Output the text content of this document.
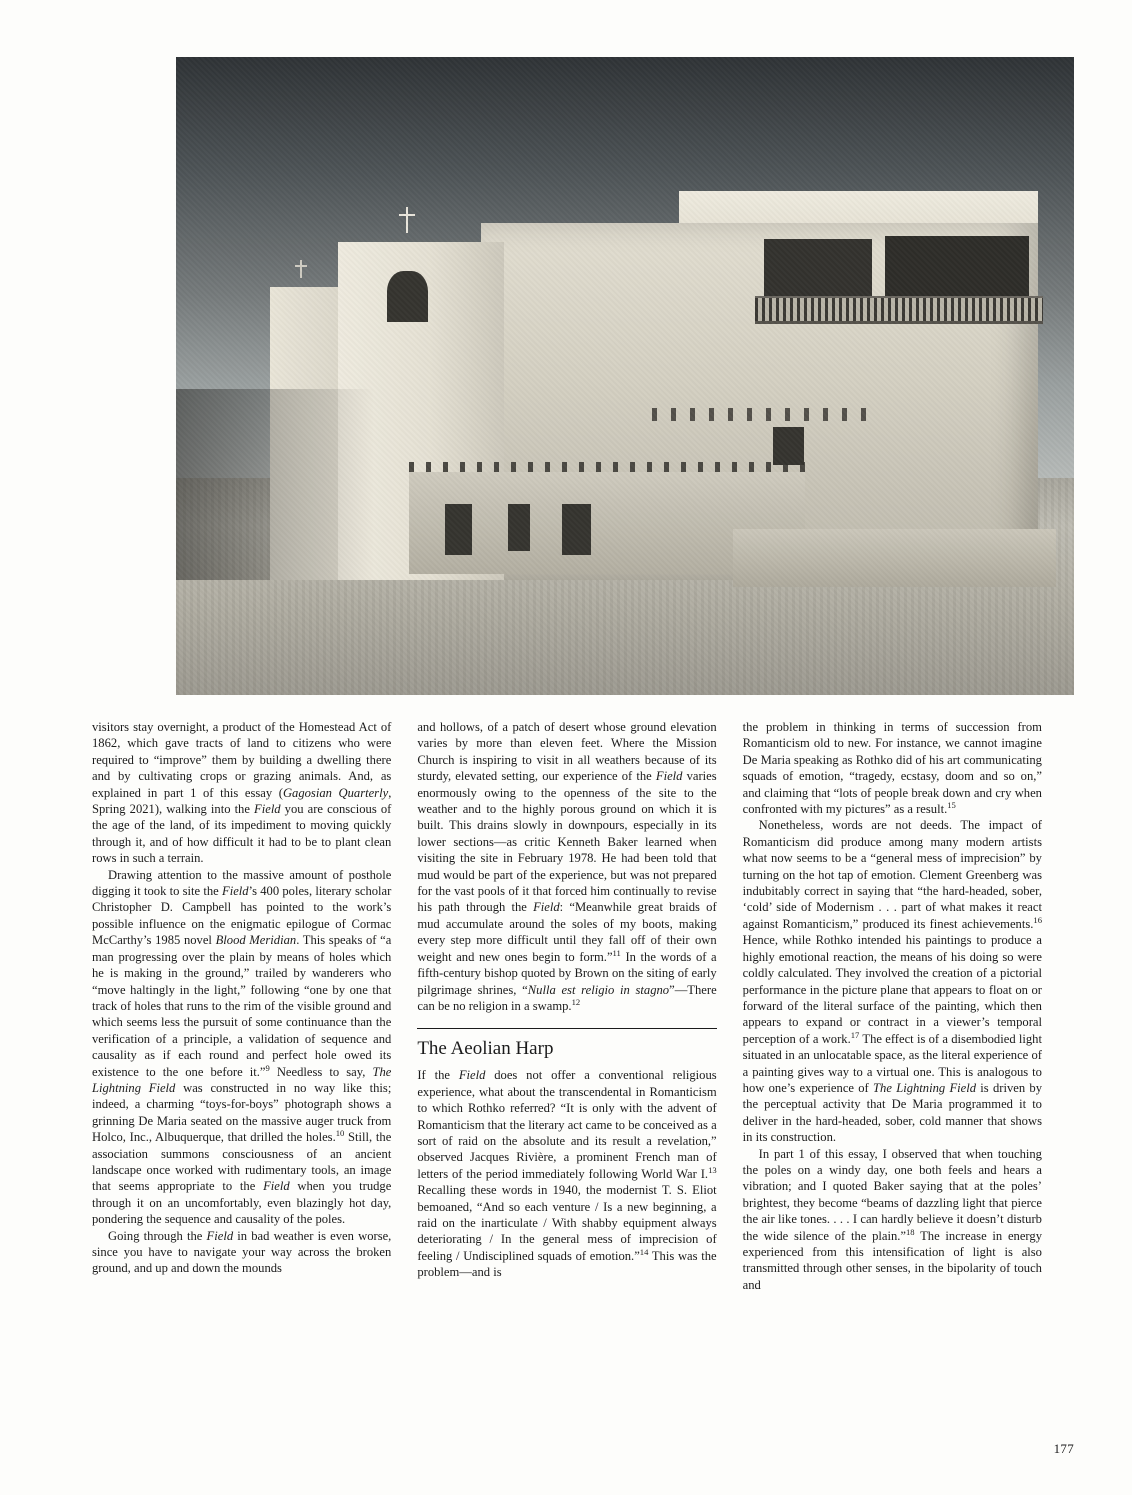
visitors stay overnight, a product of the Homestead Act of 1862, which gave tracts of land to citizens who were required to “improve” them by building a dwelling there and by cultivating crops or grazing animals. And, as explained in part 1 of this essay (Gagosian Quarterly, Spring 2021), walking into the Field you are conscious of the age of the land, of its impediment to moving quickly through it, and of how difficult it had to be to plant clean rows in such a terrain.

Drawing attention to the massive amount of posthole digging it took to site the Field’s 400 poles, literary scholar Christopher D. Campbell has pointed to the work’s possible influence on the enigmatic epilogue of Cormac McCarthy’s 1985 novel Blood Meridian. This speaks of “a man progressing over the plain by means of holes which he is making in the ground,” trailed by wanderers who “move haltingly in the light,” following “one by one that track of holes that runs to the rim of the visible ground and which seems less the pursuit of some continuance than the verification of a principle, a validation of sequence and causality as if each round and perfect hole owed its existence to the one before it.”$^9$ Needless to say, The Lightning Field was constructed in no way like this; indeed, a charming “toys-for-boys” photograph shows a grinning De Maria seated on the massive auger truck from Holco, Inc., Albuquerque, that drilled the holes.$^{10}$ Still, the association summons consciousness of an ancient landscape once worked with rudimentary tools, an image that seems appropriate to the Field when you trudge through it on an uncomfortably, even blazingly hot day, pondering the sequence and causality of the poles.

Going through the Field in bad weather is even worse, since you have to navigate your way across the broken ground, and up and down the mounds

and hollows, of a patch of desert whose ground elevation varies by more than eleven feet. Where the Mission Church is inspiring to visit in all weathers because of its sturdy, elevated setting, our experience of the Field varies enormously owing to the openness of the site to the weather and to the highly porous ground on which it is built. This drains slowly in downpours, especially in its lower sections—as critic Kenneth Baker learned when visiting the site in February 1978. He had been told that mud would be part of the experience, but was not prepared for the vast pools of it that forced him continually to revise his path through the Field: “Meanwhile great braids of mud accumulate around the soles of my boots, making every step more difficult until they fall off of their own weight and new ones begin to form.”$^{11}$ In the words of a fifth-century bishop quoted by Brown on the siting of early pilgrimage shrines, “Nulla est religio in stagno”—There can be no religion in a swamp.$^{12}$

The Aeolian Harp

If the Field does not offer a conventional religious experience, what about the transcendental in Romanticism to which Rothko referred? “It is only with the advent of Romanticism that the literary act came to be conceived as a sort of raid on the absolute and its result a revelation,” observed Jacques Rivière, a prominent French man of letters of the period immediately following World War I.$^{13}$ Recalling these words in 1940, the modernist T. S. Eliot bemoaned, “And so each venture / Is a new beginning, a raid on the inarticulate / With shabby equipment always deteriorating / In the general mess of imprecision of feeling / Undisciplined squads of emotion.”$^{14}$ This was the problem—and is

the problem in thinking in terms of succession from Romanticism old to new. For instance, we cannot imagine De Maria speaking as Rothko did of his art communicating squads of emotion, “tragedy, ecstasy, doom and so on,” and claiming that “lots of people break down and cry when confronted with my pictures” as a result.$^{15}$

Nonetheless, words are not deeds. The impact of Romanticism did produce among many modern artists what now seems to be a “general mess of imprecision” by turning on the hot tap of emotion. Clement Greenberg was indubitably correct in saying that “the hard-headed, sober, ‘cold’ side of Modernism . . . part of what makes it react against Romanticism,” produced its finest achievements.$^{16}$ Hence, while Rothko intended his paintings to produce a highly emotional reaction, the means of his doing so were coldly calculated. They involved the creation of a pictorial performance in the picture plane that appears to float on or forward of the literal surface of the painting, which then appears to expand or contract in a viewer’s temporal perception of a work.$^{17}$ The effect is of a disembodied light situated in an unlocatable space, as the literal experience of a painting gives way to a virtual one. This is analogous to how one’s experience of The Lightning Field is driven by the perceptual activity that De Maria programmed it to deliver in the hard-headed, sober, cold manner that shows in its construction.

In part 1 of this essay, I observed that when touching the poles on a windy day, one both feels and hears a vibration; and I quoted Baker saying that at the poles’ brightest, they become “beams of dazzling light that pierce the air like tones. . . . I can hardly believe it doesn’t disturb the wide silence of the plain.”$^{18}$ The increase in energy experienced from this intensification of light is also transmitted through other senses, in the bipolarity of touch and

177
